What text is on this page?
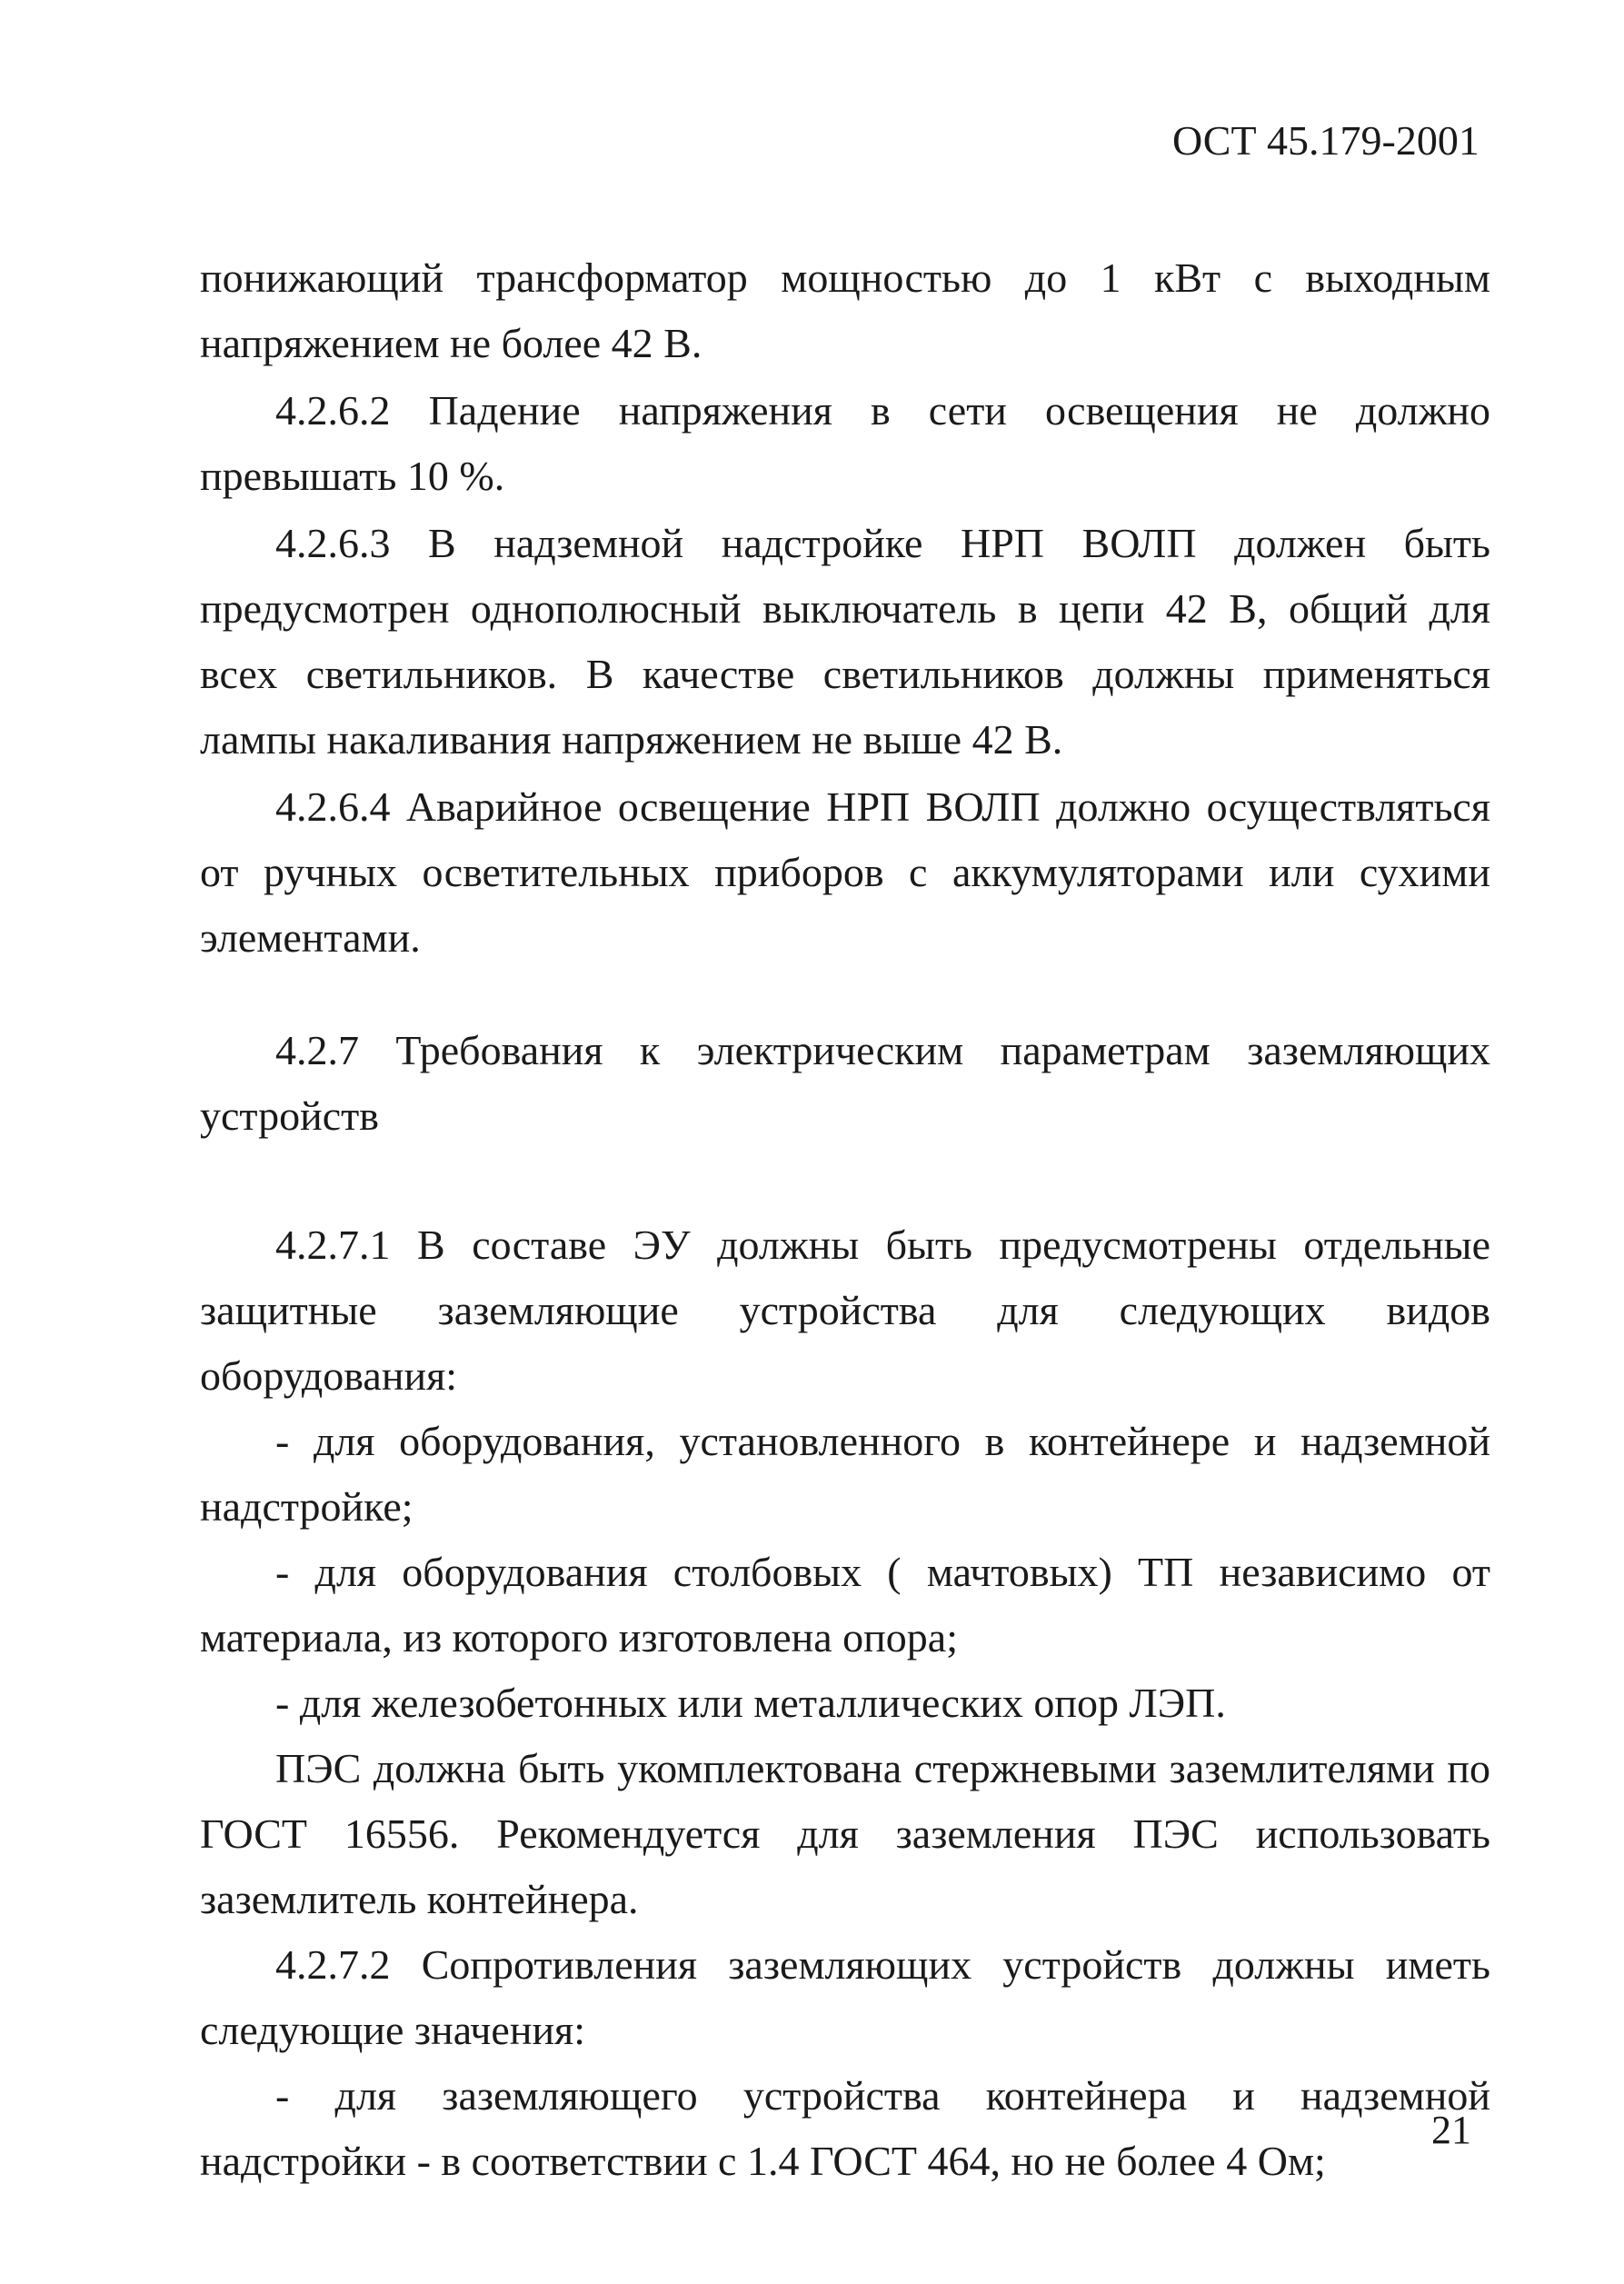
ОСТ 45.179-2001

понижающий трансформатор мощностью до 1 кВт с выходным напряжением не более 42 В.

4.2.6.2 Падение напряжения в сети освещения не должно превышать 10 %.

4.2.6.3 В надземной надстройке НРП ВОЛП должен быть предусмотрен однополюсный выключатель в цепи 42 В, общий для всех светильников. В качестве светильников должны применяться лампы накаливания напряжением не выше 42 В.

4.2.6.4 Аварийное освещение НРП ВОЛП должно осуществляться от ручных осветительных приборов с аккумуляторами или сухими элементами.

4.2.7 Требования к электрическим параметрам заземляющих устройств

4.2.7.1 В составе ЭУ должны быть предусмотрены отдельные защитные заземляющие устройства для следующих видов оборудования:

- для оборудования, установленного в контейнере и надземной надстройке;

- для оборудования столбовых ( мачтовых) ТП независимо от материала, из которого изготовлена опора;

- для железобетонных или металлических опор ЛЭП.

ПЭС должна быть укомплектована стержневыми заземлителями по ГОСТ 16556. Рекомендуется для заземления ПЭС использовать заземлитель контейнера.

4.2.7.2 Сопротивления заземляющих устройств должны иметь следующие значения:

- для заземляющего устройства контейнера и надземной надстройки - в соответствии с 1.4 ГОСТ 464, но не более 4 Ом;

21
